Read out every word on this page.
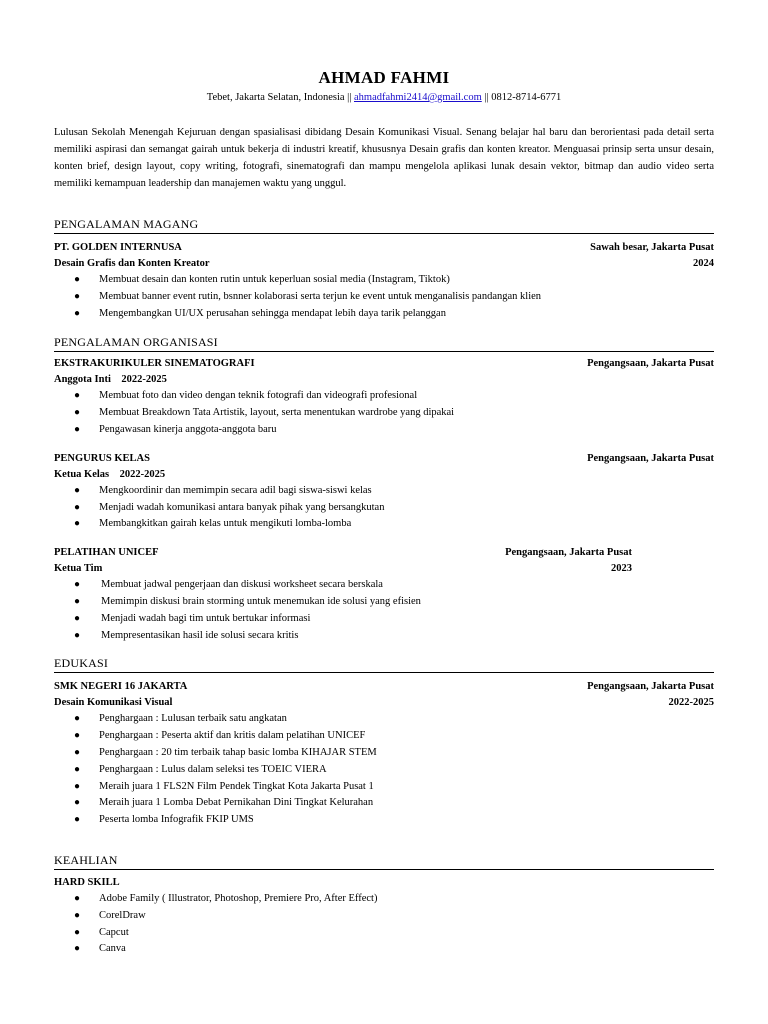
AHMAD FAHMI
Tebet, Jakarta Selatan, Indonesia || ahmadfahmi2414@gmail.com || 0812-8714-6771
Lulusan Sekolah Menengah Kejuruan dengan spasialisasi dibidang Desain Komunikasi Visual. Senang belajar hal baru dan berorientasi pada detail serta memiliki aspirasi dan semangat gairah untuk bekerja di industri kreatif, khususnya Desain grafis dan konten kreator. Menguasai prinsip serta unsur desain, konten brief, design layout, copy writing, fotografi, sinematografi dan mampu mengelola aplikasi lunak desain vektor, bitmap dan audio video serta memiliki kemampuan leadership dan manajemen waktu yang unggul.
PENGALAMAN MAGANG
PT. GOLDEN INTERNUSA	Sawah besar, Jakarta Pusat
Desain Grafis dan Konten Kreator	2024
● Membuat desain dan konten rutin untuk keperluan sosial media (Instagram, Tiktok)
● Membuat banner event rutin, bsnner kolaborasi serta terjun ke event untuk menganalisis pandangan klien
● Mengembangkan UI/UX perusahan sehingga mendapat lebih daya tarik pelanggan
PENGALAMAN ORGANISASI
EKSTRAKURIKULER SINEMATOGRAFI	Pengangsaan, Jakarta Pusat
Anggota Inti    2022-2025
● Membuat foto dan video dengan teknik fotografi dan videografi profesional
● Membuat Breakdown Tata Artistik, layout, serta menentukan wardrobe yang dipakai
● Pengawasan kinerja anggota-anggota baru
PENGURUS KELAS	Pengangsaan, Jakarta Pusat
Ketua Kelas    2022-2025
● Mengkoordinir dan memimpin secara adil bagi siswa-siswi kelas
● Menjadi wadah komunikasi antara banyak pihak yang bersangkutan
● Membangkitkan gairah kelas untuk mengikuti lomba-lomba
PELATIHAN UNICEF	Pengangsaan, Jakarta Pusat
Ketua Tim	2023
● Membuat jadwal pengerjaan dan diskusi worksheet secara berskala
● Memimpin diskusi brain storming untuk menemukan ide solusi yang efisien
● Menjadi wadah bagi tim untuk bertukar informasi
● Mempresentasikan hasil ide solusi secara kritis
EDUKASI
SMK NEGERI 16 JAKARTA	Pengangsaan, Jakarta Pusat
Desain Komunikasi Visual	2022-2025
● Penghargaan : Lulusan terbaik satu angkatan
● Penghargaan : Peserta aktif dan kritis dalam pelatihan UNICEF
● Penghargaan : 20 tim terbaik tahap basic lomba KIHAJAR STEM
● Penghargaan : Lulus dalam seleksi tes TOEIC VIERA
● Meraih juara 1 FLS2N Film Pendek Tingkat Kota Jakarta Pusat 1
● Meraih juara 1 Lomba Debat Pernikahan Dini Tingkat Kelurahan
● Peserta lomba Infografik FKIP UMS
KEAHLIAN
HARD SKILL
● Adobe Family ( Illustrator, Photoshop, Premiere Pro, After Effect)
● CorelDraw
● Capcut
● Canva
